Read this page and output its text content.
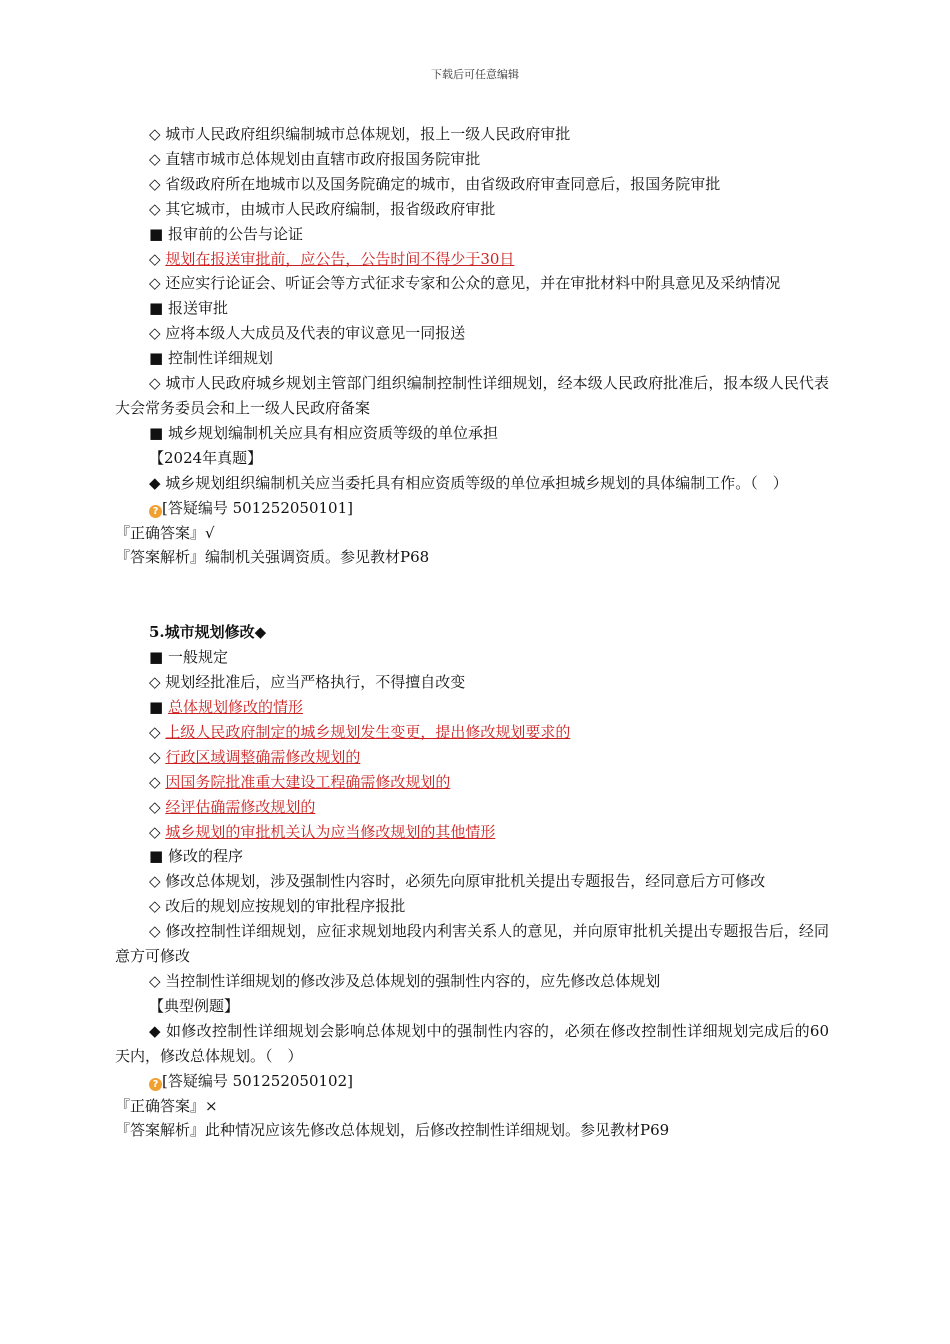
下载后可任意编辑
◇ 城市人民政府组织编制城市总体规划，报上一级人民政府审批
◇ 直辖市城市总体规划由直辖市政府报国务院审批
◇ 省级政府所在地城市以及国务院确定的城市，由省级政府审查同意后，报国务院审批
◇ 其它城市，由城市人民政府编制，报省级政府审批
■ 报审前的公告与论证
◇ 规划在报送审批前，应公告，公告时间不得少于30日
◇ 还应实行论证会、听证会等方式征求专家和公众的意见，并在审批材料中附具意见及采纳情况
■ 报送审批
◇ 应将本级人大成员及代表的审议意见一同报送
■ 控制性详细规划
◇ 城市人民政府城乡规划主管部门组织编制控制性详细规划，经本级人民政府批准后，报本级人民代表大会常务委员会和上一级人民政府备案
■ 城乡规划编制机关应具有相应资质等级的单位承担
【2024年真题】
◆ 城乡规划组织编制机关应当委托具有相应资质等级的单位承担城乡规划的具体编制工作。（　）
? [答疑编号 501252050101]
『正确答案』√
『答案解析』编制机关强调资质。参见教材P68
5.城市规划修改◆
■ 一般规定
◇ 规划经批准后，应当严格执行，不得擅自改变
■ 总体规划修改的情形
◇ 上级人民政府制定的城乡规划发生变更，提出修改规划要求的
◇ 行政区域调整确需修改规划的
◇ 因国务院批准重大建设工程确需修改规划的
◇ 经评估确需修改规划的
◇ 城乡规划的审批机关认为应当修改规划的其他情形
■ 修改的程序
◇ 修改总体规划，涉及强制性内容时，必须先向原审批机关提出专题报告，经同意后方可修改
◇ 改后的规划应按规划的审批程序报批
◇ 修改控制性详细规划，应征求规划地段内利害关系人的意见，并向原审批机关提出专题报告后，经同意方可修改
◇ 当控制性详细规划的修改涉及总体规划的强制性内容的，应先修改总体规划
【典型例题】
◆ 如修改控制性详细规划会影响总体规划中的强制性内容的，必须在修改控制性详细规划完成后的60天内，修改总体规划。（　）
? [答疑编号 501252050102]
『正确答案』×
『答案解析』此种情况应该先修改总体规划，后修改控制性详细规划。参见教材P69
